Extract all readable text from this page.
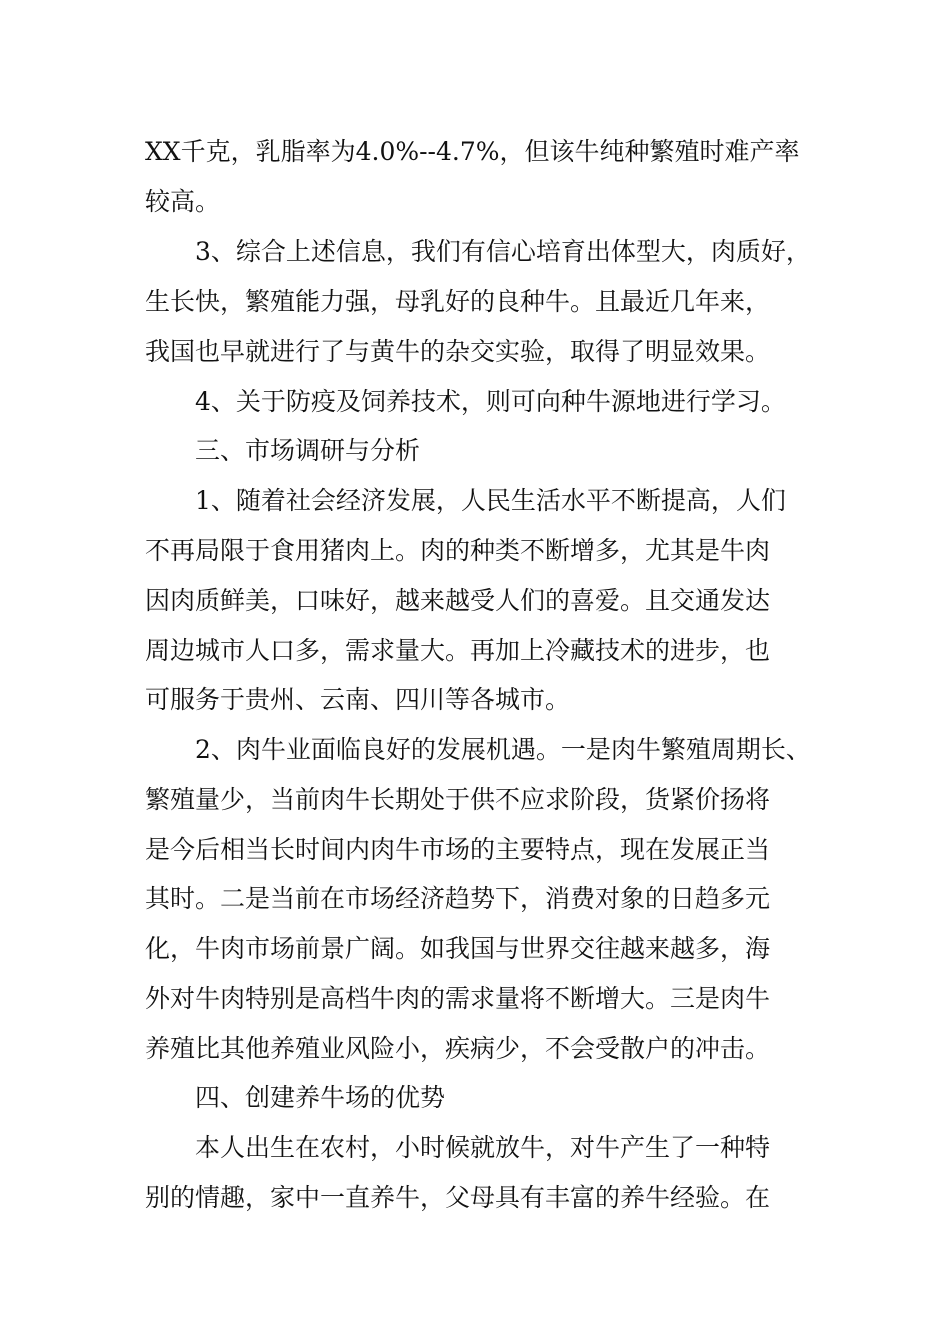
XX千克，乳脂率为4.0%--4.7%，但该牛纯种繁殖时难产率
较高。
3、综合上述信息，我们有信心培育出体型大，肉质好，
生长快，繁殖能力强，母乳好的良种牛。且最近几年来，
我国也早就进行了与黄牛的杂交实验，取得了明显效果。
4、关于防疫及饲养技术，则可向种牛源地进行学习。
三、市场调研与分析
1、随着社会经济发展，人民生活水平不断提高，人们
不再局限于食用猪肉上。肉的种类不断增多，尤其是牛肉
因肉质鲜美，口味好，越来越受人们的喜爱。且交通发达
周边城市人口多，需求量大。再加上冷藏技术的进步，也
可服务于贵州、云南、四川等各城市。
2、肉牛业面临良好的发展机遇。一是肉牛繁殖周期长、
繁殖量少，当前肉牛长期处于供不应求阶段，货紧价扬将
是今后相当长时间内肉牛市场的主要特点，现在发展正当
其时。二是当前在市场经济趋势下，消费对象的日趋多元
化，牛肉市场前景广阔。如我国与世界交往越来越多，海
外对牛肉特别是高档牛肉的需求量将不断增大。三是肉牛
养殖比其他养殖业风险小，疾病少，不会受散户的冲击。
四、创建养牛场的优势
本人出生在农村，小时候就放牛，对牛产生了一种特
别的情趣，家中一直养牛，父母具有丰富的养牛经验。在
